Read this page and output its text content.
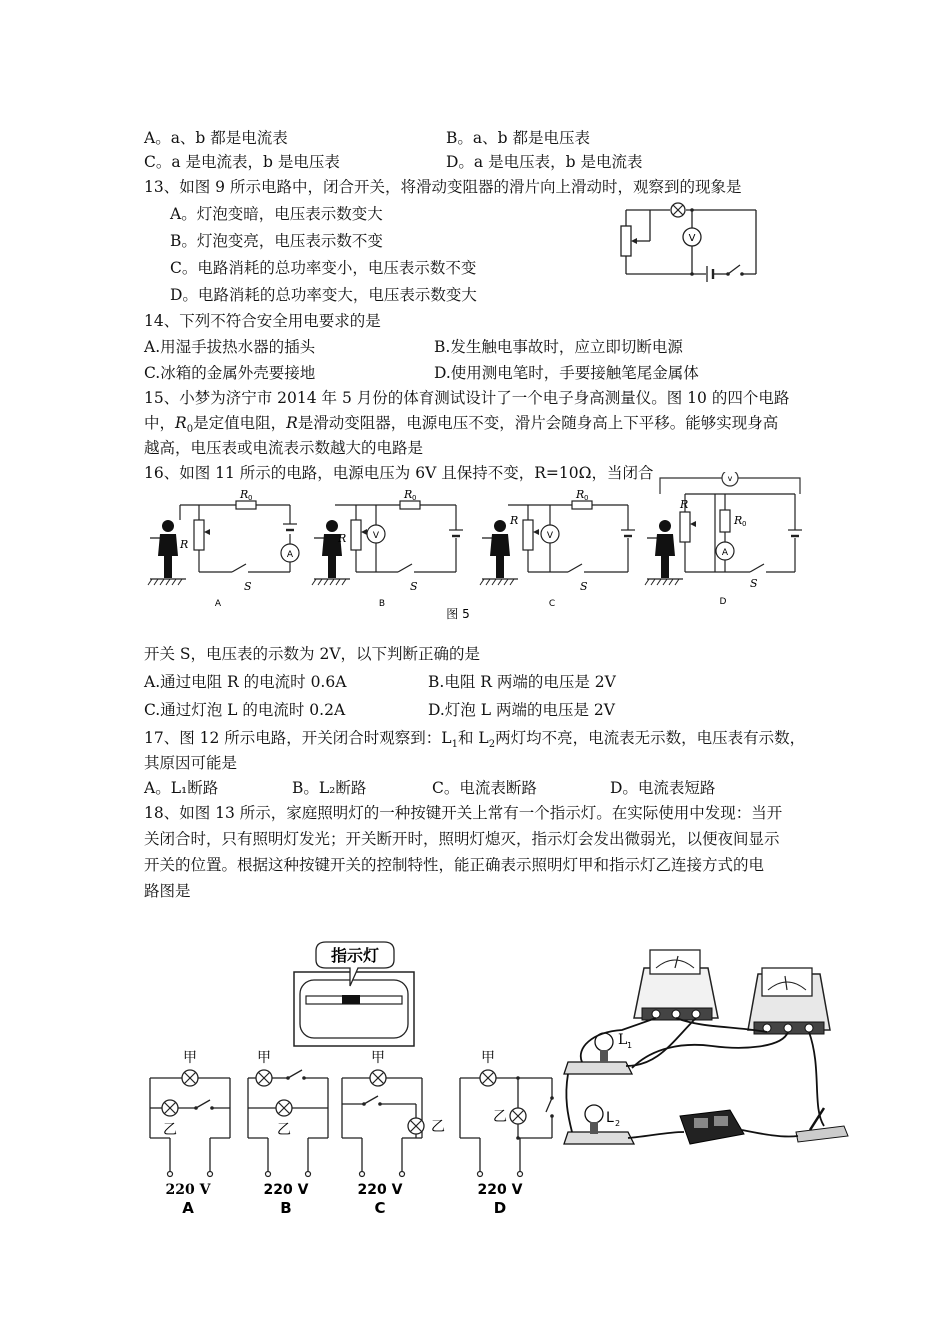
A。a、b 都是电流表	B。a、b 都是电压表
C。a 是电流表，b 是电压表	D。a 是电压表，b 是电流表
13、如图 9 所示电路中，闭合开关，将滑动变阻器的滑片向上滑动时，观察到的现象是
A。灯泡变暗，电压表示数变大
B。灯泡变亮，电压表示数不变
C。电路消耗的总功率变小，电压表示数不变
D。电路消耗的总功率变大，电压表示数变大
V
14、下列不符合安全用电要求的是
A.用湿手拔热水器的插头	B.发生触电事故时，应立即切断电源
C.冰箱的金属外壳要接地	D.使用测电笔时，手要接触笔尾金属体
15、小梦为济宁市 2014 年 5 月份的体育测试设计了一个电子身高测量仪。图 10 的四个电路
中，$R_0$是定值电阻，R是滑动变阻器，电源电压不变，滑片会随身高上下平移。能够实现身高
越高，电压表或电流表示数越大的电路是
16、如图 11 所示的电路，电源电压为 6V 且保持不变，R=10Ω，当闭合	v
A
V	V
A
R
R 0
S
R
R 0
S
R
R 0
S
R
R 0
S
A	B	C	D
图 5
开关 S，电压表的示数为 2V，以下判断正确的是
A.通过电阻 R 的电流时 0.6A	B.电阻 R 两端的电压是 2V
C.通过灯泡 L 的电流时 0.2A	D.灯泡 L 两端的电压是 2V
17、图 12 所示电路，开关闭合时观察到：$L_1$和 $L_2$两灯均不亮，电流表无示数，电压表有示数，
其原因可能是
A。L₁断路	B。L₂断路	C。电流表断路	D。电流表短路
18、如图 13 所示，家庭照明灯的一种按键开关上常有一个指示灯。在实际使用中发现：当开
关闭合时，只有照明灯发光；开关断开时，照明灯熄灭，指示灯会发出微弱光，以便夜间显示
开关的位置。根据这种按键开关的控制特性，能正确表示照明灯甲和指示灯乙连接方式的电
路图是
指示灯
甲	甲	甲	甲
乙	乙	乙
乙
220 V	220 V	220 V	220 V
A	B	C	D
L 1
L 2
